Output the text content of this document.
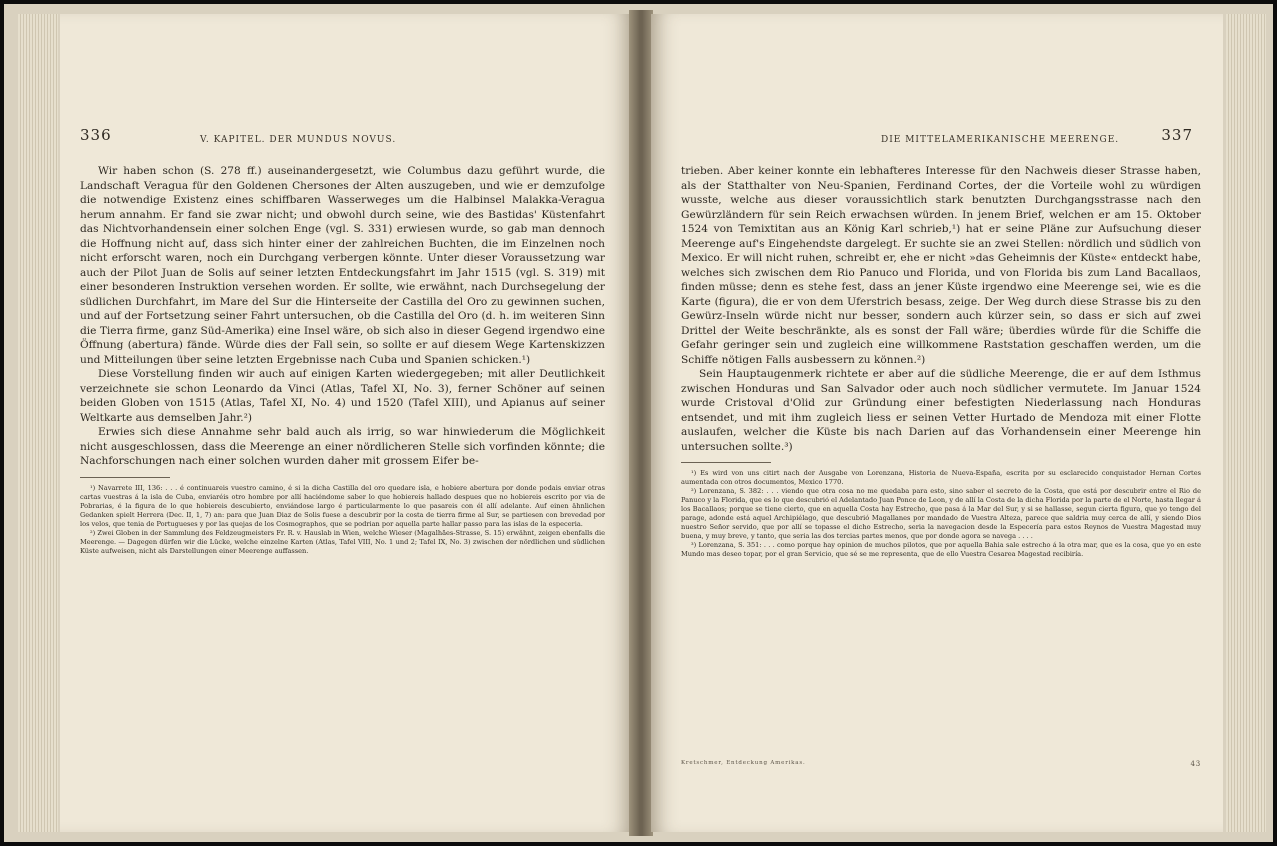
336	V. KAPITEL. DER MUNDUS NOVUS.

Wir haben schon (S. 278 ff.) auseinandergesetzt, wie Columbus dazu geführt wurde, die Landschaft Veragua für den Goldenen Chersones der Alten auszugeben, und wie er demzufolge die notwendige Existenz eines schiffbaren Wasserweges um die Halbinsel Malakka-Veragua herum annahm. Er fand sie zwar nicht; und obwohl durch seine, wie des Bastidas' Küstenfahrt das Nichtvorhandensein einer solchen Enge (vgl. S. 331) erwiesen wurde, so gab man dennoch die Hoffnung nicht auf, dass sich hinter einer der zahlreichen Buchten, die im Einzelnen noch nicht erforscht waren, noch ein Durchgang verbergen könnte. Unter dieser Voraussetzung war auch der Pilot Juan de Solis auf seiner letzten Entdeckungsfahrt im Jahr 1515 (vgl. S. 319) mit einer besonderen Instruktion versehen worden. Er sollte, wie erwähnt, nach Durchsegelung der südlichen Durchfahrt, im Mare del Sur die Hinterseite der Castilla del Oro zu gewinnen suchen, und auf der Fortsetzung seiner Fahrt untersuchen, ob die Castilla del Oro (d. h. im weiteren Sinn die Tierra firme, ganz Süd-Amerika) eine Insel wäre, ob sich also in dieser Gegend irgendwo eine Öffnung (abertura) fände. Würde dies der Fall sein, so sollte er auf diesem Wege Kartenskizzen und Mitteilungen über seine letzten Ergebnisse nach Cuba und Spanien schicken.¹)

Diese Vorstellung finden wir auch auf einigen Karten wiedergegeben; mit aller Deutlichkeit verzeichnete sie schon Leonardo da Vinci (Atlas, Tafel XI, No. 3), ferner Schöner auf seinen beiden Globen von 1515 (Atlas, Tafel XI, No. 4) und 1520 (Tafel XIII), und Apianus auf seiner Weltkarte aus demselben Jahr.²)

Erwies sich diese Annahme sehr bald auch als irrig, so war hinwiederum die Möglichkeit nicht ausgeschlossen, dass die Meerenge an einer nördlicheren Stelle sich vorfinden könnte; die Nachforschungen nach einer solchen wurden daher mit grossem Eifer be-

¹) Navarrete III, 136: . . . é continuareis vuestro camino, é si la dicha Castilla del oro quedare isla, e hobiere abertura por donde podais enviar otras cartas vuestras á la isla de Cuba, enviaréis otro hombre por allí haciéndome saber lo que hobiereis hallado despues que no hobiereis escrito por via de Pobrarias, é la figura de lo que hobiereis descubierto, enviándose largo é particularmente lo que pasareis con él allí adelante. Auf einen ähnlichen Gedanken spielt Herrera (Dec. II, 1, 7) an: para que Juan Diaz de Solis fuese a descubrir por la costa de tierra firme al Sur, se partiesen con brevedad por los velos, que tenia de Portugueses y por las quejas de los Cosmographos, que se podrian por aquella parte hallar passo para las islas de la especeria.

²) Zwei Globen in der Sammlung des Feldzeugmeisters Fr. R. v. Hauslab in Wien, welche Wieser (Magalhães-Strasse, S. 15) erwähnt, zeigen ebenfalls die Meerenge. — Dagegen dürfen wir die Lücke, welche einzelne Karten (Atlas, Tafel VIII, No. 1 und 2; Tafel IX, No. 3) zwischen der nördlichen und südlichen Küste aufweisen, nicht als Darstellungen einer Meerenge auffassen.

DIE MITTELAMERIKANISCHE MEERENGE.	337

trieben. Aber keiner konnte ein lebhafteres Interesse für den Nachweis dieser Strasse haben, als der Statthalter von Neu-Spanien, Ferdinand Cortes, der die Vorteile wohl zu würdigen wusste, welche aus dieser voraussichtlich stark benutzten Durchgangsstrasse nach den Gewürzländern für sein Reich erwachsen würden. In jenem Brief, welchen er am 15. Oktober 1524 von Temixtitan aus an König Karl schrieb,¹) hat er seine Pläne zur Aufsuchung dieser Meerenge auf's Eingehendste dargelegt. Er suchte sie an zwei Stellen: nördlich und südlich von Mexico. Er will nicht ruhen, schreibt er, ehe er nicht »das Geheimnis der Küste« entdeckt habe, welches sich zwischen dem Rio Panuco und Florida, und von Florida bis zum Land Bacallaos, finden müsse; denn es stehe fest, dass an jener Küste irgendwo eine Meerenge sei, wie es die Karte (figura), die er von dem Uferstrich besass, zeige. Der Weg durch diese Strasse bis zu den Gewürz-Inseln würde nicht nur besser, sondern auch kürzer sein, so dass er sich auf zwei Drittel der Weite beschränkte, als es sonst der Fall wäre; überdies würde für die Schiffe die Gefahr geringer sein und zugleich eine willkommene Raststation geschaffen werden, um die Schiffe nötigen Falls ausbessern zu können.²)

Sein Hauptaugenmerk richtete er aber auf die südliche Meerenge, die er auf dem Isthmus zwischen Honduras und San Salvador oder auch noch südlicher vermutete. Im Januar 1524 wurde Cristoval d'Olid zur Gründung einer befestigten Niederlassung nach Honduras entsendet, und mit ihm zugleich liess er seinen Vetter Hurtado de Mendoza mit einer Flotte auslaufen, welcher die Küste bis nach Darien auf das Vorhandensein einer Meerenge hin untersuchen sollte.³)

¹) Es wird von uns citirt nach der Ausgabe von Lorenzana, Historia de Nueva-España, escrita por su esclarecido conquistador Hernan Cortes aumentada con otros documentos, Mexico 1770.

²) Lorenzana, S. 382: . . . viendo que otra cosa no me quedaba para esto, sino saber el secreto de la Costa, que está por descubrir entre el Rio de Panuco y la Florida, que es lo que descubrió el Adelantado Juan Ponce de Leon, y de allí la Costa de la dicha Florida por la parte de el Norte, hasta llegar á los Bacallaos; porque se tiene cierto, que en aquella Costa hay Estrecho, que pasa á la Mar del Sur, y si se hallasse, segun cierta figura, que yo tengo del parage, adonde está aquel Archipiélago, que descubrió Magallanes por mandado de Vuestra Alteza, parece que saldria muy cerca de allí, y siendo Dios nuestro Señor servido, que por allí se topasse el dicho Estrecho, seria la navegacion desde la Especería para estos Reynos de Vuestra Magestad muy buena, y muy breve, y tanto, que seria las dos tercias partes menos, que por donde agora se navega . . . .

³) Lorenzana, S. 351: . . . como porque hay opinion de muchos pilotos, que por aquella Bahia sale estrecho á la otra mar, que es la cosa, que yo en este Mundo mas deseo topar, por el gran Servicio, que sé se me representa, que de ello Vuestra Cesarea Magestad recibiría.

Kretschmer, Entdeckung Amerikas.	43
